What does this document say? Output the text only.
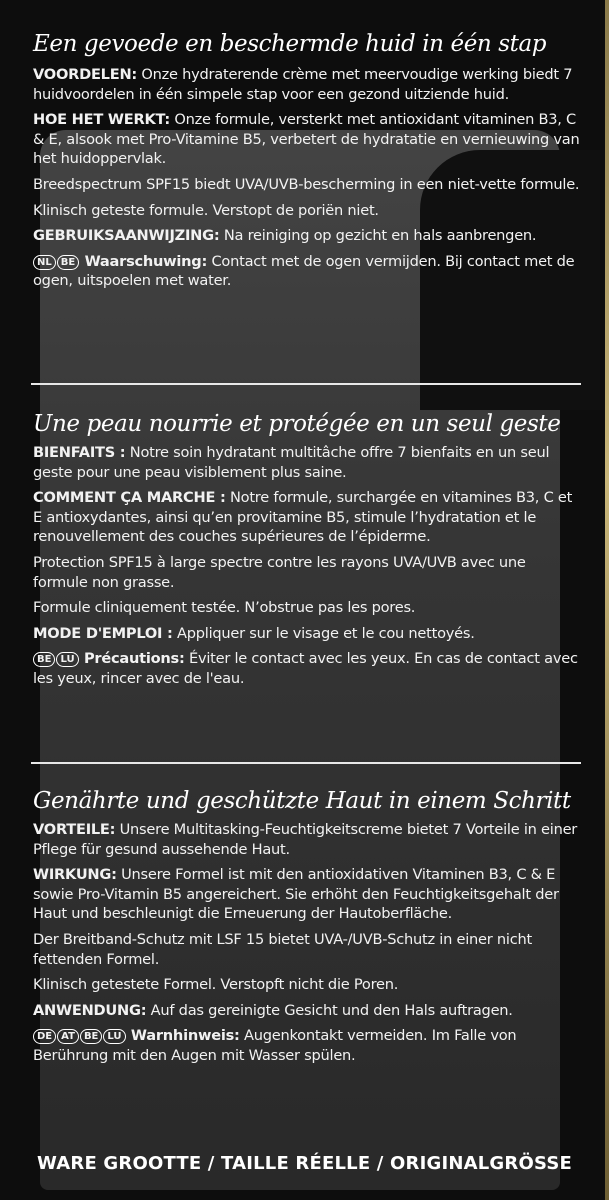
Een gevoede en beschermde huid in één stap

VOORDELEN: Onze hydraterende crème met meervoudige werking biedt 7 huidvoordelen in één simpele stap voor een gezond uitziende huid.

HOE HET WERKT: Onze formule, versterkt met antioxidant vitaminen B3, C & E, alsook met Pro-Vitamine B5, verbetert de hydratatie en vernieuwing van het huidoppervlak.

Breedspectrum SPF15 biedt UVA/UVB-bescherming in een niet-vette formule.

Klinisch geteste formule. Verstopt de poriën niet.

GEBRUIKSAANWIJZING: Na reiniging op gezicht en hals aanbrengen.

NL BE Waarschuwing: Contact met de ogen vermijden. Bij contact met de ogen, uitspoelen met water.

Une peau nourrie et protégée en un seul geste

BIENFAITS : Notre soin hydratant multitâche offre 7 bienfaits en un seul geste pour une peau visiblement plus saine.

COMMENT ÇA MARCHE : Notre formule, surchargée en vitamines B3, C et E antioxydantes, ainsi qu’en provitamine B5, stimule l’hydratation et le renouvellement des couches supérieures de l’épiderme.

Protection SPF15 à large spectre contre les rayons UVA/UVB avec une formule non grasse.

Formule cliniquement testée. N’obstrue pas les pores.

MODE D'EMPLOI : Appliquer sur le visage et le cou nettoyés.

BE LU Précautions: Éviter le contact avec les yeux. En cas de contact avec les yeux, rincer avec de l'eau.

Genährte und geschützte Haut in einem Schritt

VORTEILE: Unsere Multitasking-Feuchtigkeitscreme bietet 7 Vorteile in einer Pflege für gesund aussehende Haut.

WIRKUNG: Unsere Formel ist mit den antioxidativen Vitaminen B3, C & E sowie Pro-Vitamin B5 angereichert. Sie erhöht den Feuchtigkeitsgehalt der Haut und beschleunigt die Erneuerung der Hautoberfläche.

Der Breitband-Schutz mit LSF 15 bietet UVA-/UVB-Schutz in einer nicht fettenden Formel.

Klinisch getestete Formel. Verstopft nicht die Poren.

ANWENDUNG: Auf das gereinigte Gesicht und den Hals auftragen.

DE AT BE LU Warnhinweis: Augenkontakt vermeiden. Im Falle von Berührung mit den Augen mit Wasser spülen.

WARE GROOTTE / TAILLE RÉELLE / ORIGINALGRÖSSE
